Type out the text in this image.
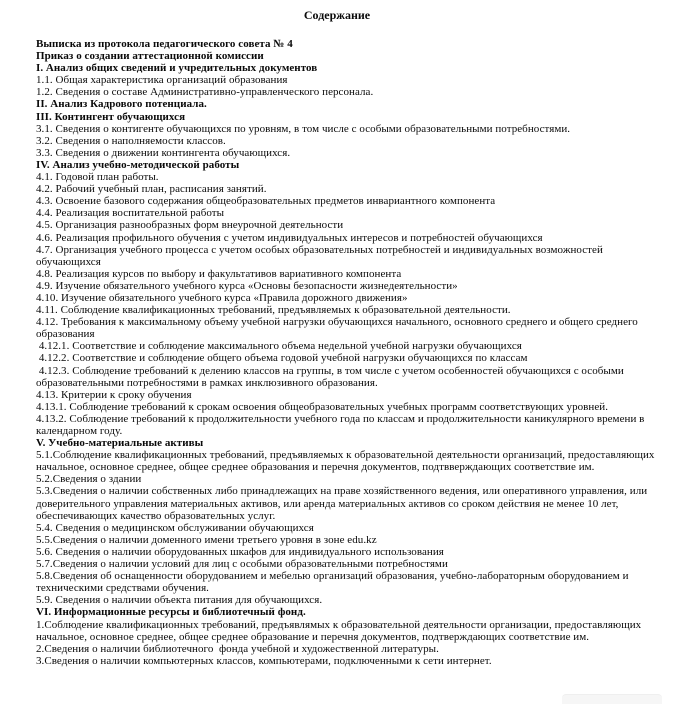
Содержание

Выписка из протокола педагогического совета № 4

Приказ о создании аттестационной комиссии

I. Анализ общих сведений и учредительных документов

1.1. Общая характеристика организаций образования

1.2. Сведения о составе Административно-управленческого персонала.

II. Анализ Кадрового потенциала.

III. Контингент обучающихся

3.1. Сведения о контигенте обучающихся по уровням, в том числе с особыми образовательными потребностями.

3.2. Сведения о наполняемости классов.

3.3. Сведения о движении контингента обучающихся.

IV. Анализ учебно-методической работы

4.1. Годовой план работы.

4.2. Рабочий учебный план, расписания занятий.

4.3. Освоение базового содержания общеобразовательных предметов инвариантного компонента

4.4. Реализация воспитательной работы

4.5. Организация разнообразных форм внеурочной деятельности

4.6. Реализация профильного обучения с учетом индивидуальных интересов и потребностей обучающихся

4.7. Организация учебного процесса с учетом особых образовательных потребностей и индивидуальных возможностей обучающихся

4.8. Реализация курсов по выбору и факультативов вариативного компонента

4.9. Изучение обязательного учебного курса «Основы безопасности жизнедеятельности»

4.10. Изучение обязательного учебного курса «Правила дорожного движения»

4.11. Соблюдение квалификационных требований, предъявляемых к образовательной деятельности.

4.12. Требования к максимальному объему учебной нагрузки обучающихся начального, основного среднего и общего среднего образования

4.12.1. Соответствие и соблюдение максимального объема недельной учебной нагрузки обучающихся

4.12.2. Соответствие и соблюдение общего объема годовой учебной нагрузки обучающихся по классам

4.12.3. Соблюдение требований к делению классов на группы, в том числе с учетом особенностей обучающихся с особыми образовательными потребностями в рамках инклюзивного образования.

4.13. Критерии к сроку обучения

4.13.1. Соблюдение требований к срокам освоения общеобразовательных учебных программ соответствующих уровней.

4.13.2. Соблюдение требований к продолжительности учебного года по классам и продолжительности каникулярного времени в календарном году.

V. Учебно-материальные активы

5.1.Соблюдение квалификационных требований, предъявляемых к образовательной деятельности организаций, предоставляющих начальное, основное среднее, общее среднее образования и перечня документов, подтвверждающих соответствие им.

5.2.Сведения о здании

5.3.Сведения о наличии собственных либо принадлежащих на праве хозяйственного ведения, или оперативного управления, или доверительного управления материальных активов, или аренда материальных активов со сроком действия не менее 10 лет, обеспечивающих качество образовательных услуг.

5.4. Сведения о медицинском обслуживании обучающихся

5.5.Сведения о наличии доменного имени третьего уровня в зоне edu.kz

5.6. Сведения о наличии оборудованных шкафов для индивидуального использования

5.7.Сведения о наличии условий для лиц с особыми образовательными потребностями

5.8.Сведения об оснащенности оборудованием и мебелью организаций образования, учебно-лабораторным оборудованием и техническими средствами обучения.

5.9. Сведения о наличии объекта питания для обучающихся.

VI. Информационные ресурсы и библиотечный фонд.

1.Соблюдение квалификационных требований, предъявлямых к образовательной деятельности организации, предоставляющих начальное, основное среднее, общее среднее образование и перечня документов, подтверждающих соответствие им.

2.Сведения о наличии библиотечного  фонда учебной и художественной литературы.

3.Сведения о наличии компьютерных классов, компьютерами, подключенными к сети интернет.
